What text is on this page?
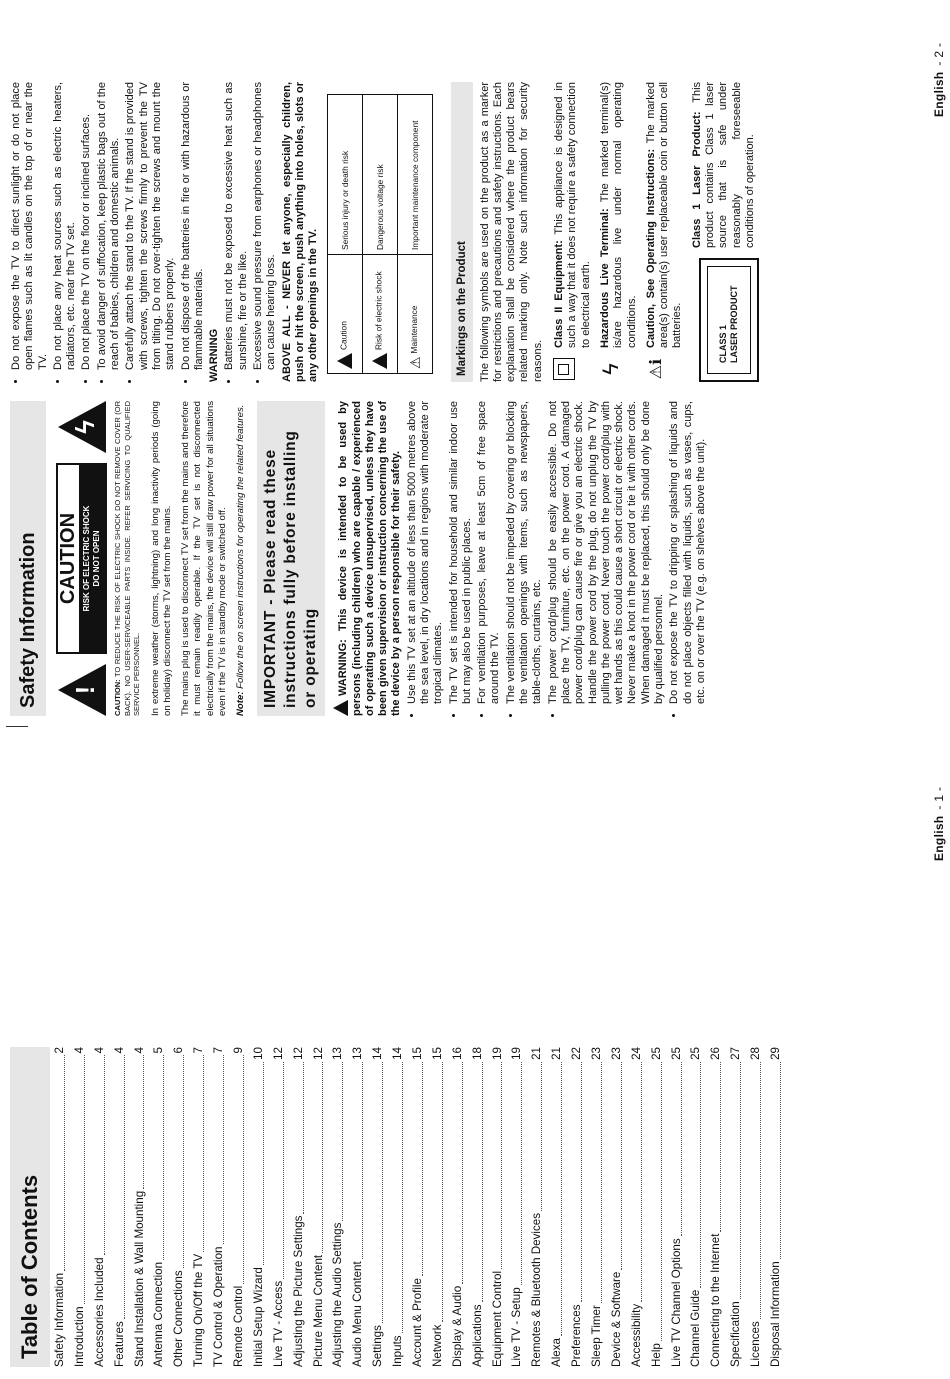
Table of Contents Safety Information
2
Introduction
4
Accessories Included
4
Features
4
Stand Installation & Wall Mounting
4
Antenna Connection
5
Other Connections
6
Turning On/Off the TV
7
TV Control & Operation
7
Remote Control
9
Initial Setup Wizard
10
Live TV - Access
12
Adjusting the Picture Settings
12
Picture Menu Content
12
Adjusting the Audio Settings
13
Audio Menu Content
13
Settings
14
Inputs
14
Account & Profile
15
Network
15
Display & Audio
16
Applications
18
Equipment Control
19
Live TV - Setup
19
Remotes & Bluetooth Devices
21
Alexa
21
Preferences
22
Sleep Timer
23
Device & Software
23
Accessibility
24
Help
25
Live TV Channel Options
25
Channel Guide
25
Connecting to the Internet
26
Specification
27
Licences
28
Disposal Information
29
English- 1 -
Safety Information !
CAUTION RISK OF ELECTRIC SHOCK DO NOT OPEN
ϟ

CAUTION: TO REDUCE THE RISK OF ELECTRIC SHOCK DO NOT REMOVE COVER (OR BACK). NO USER-SERVICEABLE PARTS INSIDE. REFER SERVICING TO QUALIFIED SERVICE PERSONNEL. In extreme weather (storms, lightning) and long inactivity periods (going on holiday) disconnect the TV set from the mains. The mains plug is used to disconnect TV set from the mains and therefore it must remain readily operable. If the TV set is not disconnected electrically from the mains, the device will still draw power for all situations even if the TV is in standby mode or switched off. Note: Follow the on screen instructions for operating the related features.	IMPORTANT - Please read these instructions fully before installing or operating	WARNING: This device is intended to be used by persons (including children) who are capable / experienced of operating such a device unsupervised, unless they have been given supervision or instruction concerning the use of the device by a person responsible for their safety. • Use this TV set at an altitude of less than 5000 metres above the sea level, in dry locations and in regions with moderate or tropical climates. • The TV set is intended for household and similar indoor use but may also be used in public places. • For ventilation purposes, leave at least 5cm of free space around the TV. • The ventilation should not be impeded by covering or blocking the ventilation openings with items, such as newspapers, table-cloths, curtains, etc. • The power cord/plug should be easily accessible. Do not place the TV, furniture, etc. on the power cord. A damaged power cord/plug can cause fire or give you an electric shock. Handle the power cord by the plug, do not unplug the TV by pulling the power cord. Never touch the power cord/plug with wet hands as this could cause a short circuit or electric shock. Never make a knot in the power cord or tie it with other cords. When damaged it must be replaced, this should only be done by qualified personnel. • Do not expose the TV to dripping or splashing of liquids and do not place objects filled with liquids, such as vases, cups, etc. on or over the TV (e.g. on shelves above the unit).
• Do not expose the TV to direct sunlight or do not place open flames such as lit candles on the top of or near the TV. • Do not place any heat sources such as electric heaters, radiators, etc. near the TV set. • Do not place the TV on the floor or inclined surfaces. • To avoid danger of suffocation, keep plastic bags out of the reach of babies, children and domestic animals. • Carefully attach the stand to the TV. If the stand is provided with screws, tighten the screws firmly to prevent the TV from tilting. Do not over-tighten the screws and mount the stand rubbers properly. • Do not dispose of the batteries in fire or with hazardous or flammable materials. WARNING • Batteries must not be exposed to excessive heat such as sunshine, fire or the like. • Excessive sound pressure from earphones or headphones can cause hearing loss. ABOVE ALL - NEVER let anyone, especially children, push or hit the screen, push anything into holes, slots or any other openings in the TV. Caution	Serious injury or death risk
Risk of electric shock	Dangerous voltage risk
⚠Maintenance	Important maintenance component
Markings on the Product	The following symbols are used on the product as a marker for restrictions and precautions and safety instructions. Each explanation shall be considered where the product bears related marking only. Note such information for security reasons.

Class II Equipment: This appliance is designed in such a way that it does not require a safety connection to electrical earth.
ϟ
Hazardous Live Terminal: The marked terminal(s) is/are hazardous live under normal operating conditions.
⚠ℹ
Caution, See Operating Instructions: The marked area(s) contain(s) user replaceable coin or button cell batteries.	CLASS 1 LASER PRODUCT
Class 1 Laser Product: This product contains Class 1 laser source that is safe under reasonably foreseeable conditions of operation.
English- 2 -
